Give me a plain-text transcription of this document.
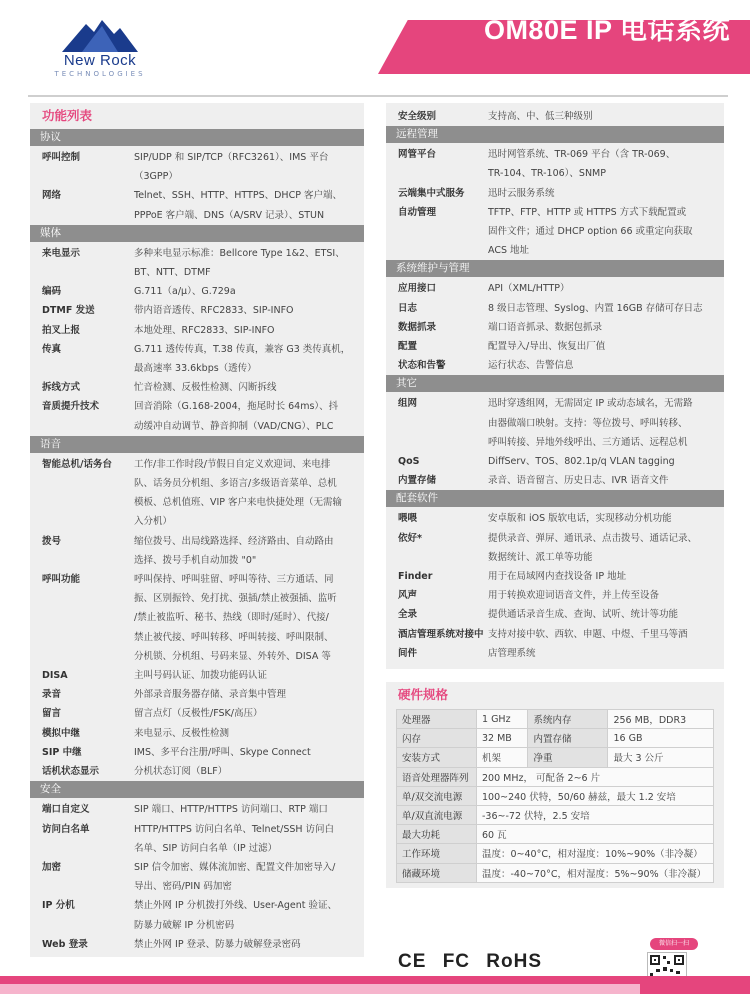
New Rock
TECHNOLOGIES
OM80E IP 电话系统
功能列表
协议
呼叫控制	SIP/UDP 和 SIP/TCP（RFC3261）、IMS 平台
（3GPP）
网络	Telnet、SSH、HTTP、HTTPS、DHCP 客户端、
PPPoE 客户端、DNS（A/SRV 记录）、STUN
媒体
来电显示	多种来电显示标准：Bellcore Type 1&2、ETSI、
BT、NTT、DTMF
编码	G.711（a/μ）、G.729a
DTMF 发送	带内语音透传、RFC2833、SIP-INFO
拍叉上报	本地处理、RFC2833、SIP-INFO
传真	G.711 透传传真，T.38 传真，兼容 G3 类传真机，
最高速率 33.6kbps（透传）
拆线方式	忙音检测、反极性检测、闪断拆线
音质提升技术	回音消除（G.168-2004，拖尾时长 64ms）、抖
动缓冲自动调节、静音抑制（VAD/CNG）、PLC
语音
智能总机/话务台	工作/非工作时段/节假日自定义欢迎词、来电排
队、话务员分机组、多语言/多级语音菜单、总机
模板、总机值班、VIP 客户来电快捷处理（无需输
入分机）
拨号	缩位拨号、出局线路选择、经济路由、自动路由
选择、拨号手机自动加拨 "0"
呼叫功能	呼叫保持、呼叫驻留、呼叫等待、三方通话、同
振、区别振铃、免打扰、强插/禁止被强插、监听
/禁止被监听、秘书、热线（即时/延时）、代接/
禁止被代接、呼叫转移、呼叫转接、呼叫限制、
分机锁、分机组、号码来显、外转外、DISA 等
DISA	主叫号码认证、加拨功能码认证
录音	外部录音服务器存储、录音集中管理
留言	留言点灯（反极性/FSK/高压）
模拟中继	来电显示、反极性检测
SIP 中继	IMS、多平台注册/呼叫、Skype Connect
话机状态显示	分机状态订阅（BLF）
安全
端口自定义	SIP 端口、HTTP/HTTPS 访问端口、RTP 端口
访问白名单	HTTP/HTTPS 访问白名单、Telnet/SSH 访问白
名单、SIP 访问白名单（IP 过滤）
加密	SIP 信令加密、媒体流加密、配置文件加密导入/
导出、密码/PIN 码加密
IP 分机	禁止外网 IP 分机拨打外线、User-Agent 验证、
防暴力破解 IP 分机密码
Web 登录	禁止外网 IP 登录、防暴力破解登录密码
安全级别	支持高、中、低三种级别
远程管理
网管平台	迅时网管系统、TR-069 平台（含 TR-069、
TR-104、TR-106）、SNMP
云端集中式服务	迅时云服务系统
自动管理	TFTP、FTP、HTTP 或 HTTPS 方式下载配置或
固件文件；通过 DHCP option 66 或重定向获取
ACS 地址
系统维护与管理
应用接口	API（XML/HTTP）
日志	8 级日志管理、Syslog、内置 16GB 存储可存日志
数据抓录	端口语音抓录、数据包抓录
配置	配置导入/导出、恢复出厂值
状态和告警	运行状态、告警信息
其它
组网	迅时穿透组网，无需固定 IP 或动态域名，无需路
由器做端口映射。支持：等位拨号、呼叫转移、
呼叫转接、异地外线呼出、三方通话、远程总机
QoS	DiffServ、TOS、802.1p/q VLAN tagging
内置存储	录音、语音留言、历史日志、IVR 语音文件
配套软件
喂喂	安卓版和 iOS 版软电话，实现移动分机功能
依好*	提供录音、弹屏、通讯录、点击拨号、通话记录、
数据统计、派工单等功能
Finder	用于在局域网内查找设备 IP 地址
风声	用于转换欢迎词语音文件，并上传至设备
全录	提供通话录音生成、查询、试听、统计等功能
酒店管理系统对接中间件
支持对接中软、西软、申题、中煜、千里马等酒
店管理系统
硬件规格
处理器	1 GHz	系统内存	256 MB，DDR3
闪存	32 MB	内置存储	16 GB
安装方式	机架	净重	最大 3 公斤
语音处理器阵列	200 MHz， 可配备 2~6 片		
单/双交流电源	100~240 伏特，50/60 赫兹，最大 1.2 安培		
单/双直流电源	-36~-72 伏特，2.5 安培		
最大功耗	60 瓦		
工作环境	温度：0~40°C，相对湿度：10%~90%（非冷凝）		
储藏环境	温度：-40~70°C，相对湿度：5%~90%（非冷凝）		
CE FC RoHS
微信扫一扫
